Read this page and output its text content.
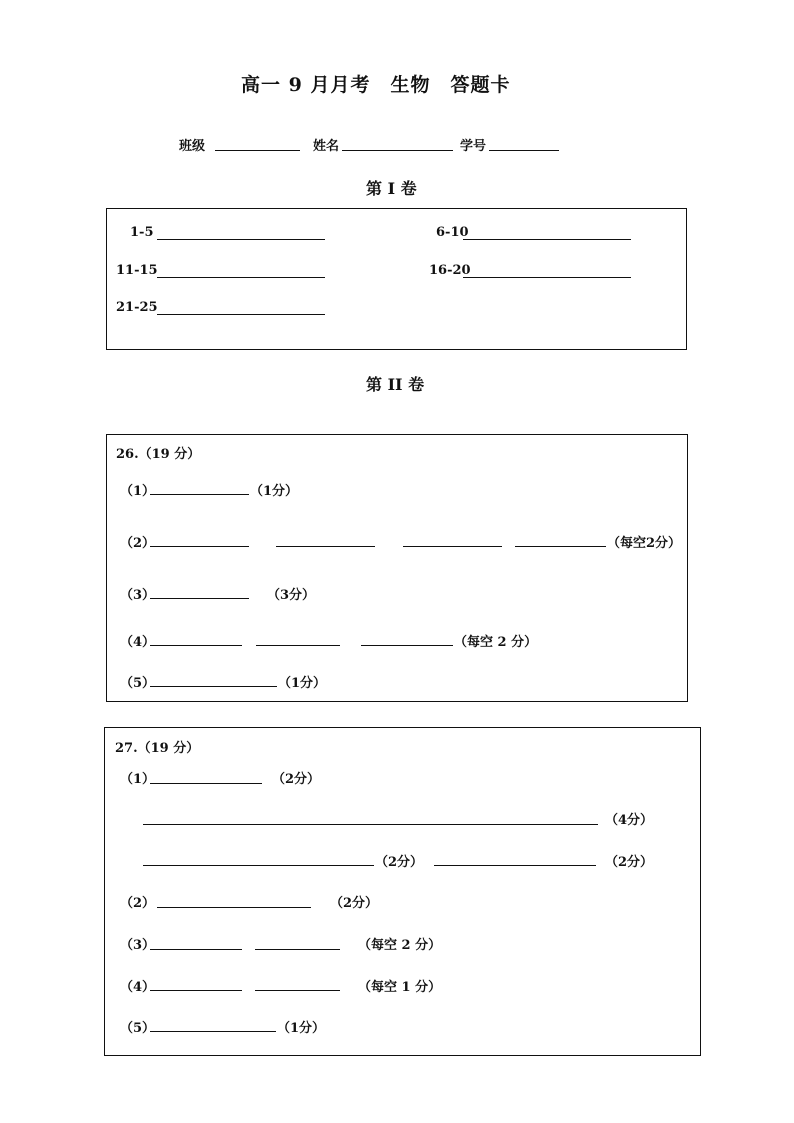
高一 9 月月考　生物　答题卡
班级	姓名	学号
第 I 卷
1-5	6-10
11-15	16-20
21-25
第 II 卷
26.（19 分）
（1）	（1分）
（2）	（每空2分）
（3）	（3分）
（4）	（每空 2 分）
（5）	（1分）
27.（19 分）
（1）	（2分）
（4分）
（2分）	（2分）
（2）	（2分）
（3）	（每空 2 分）
（4）	（每空 1 分）
（5）	（1分）
